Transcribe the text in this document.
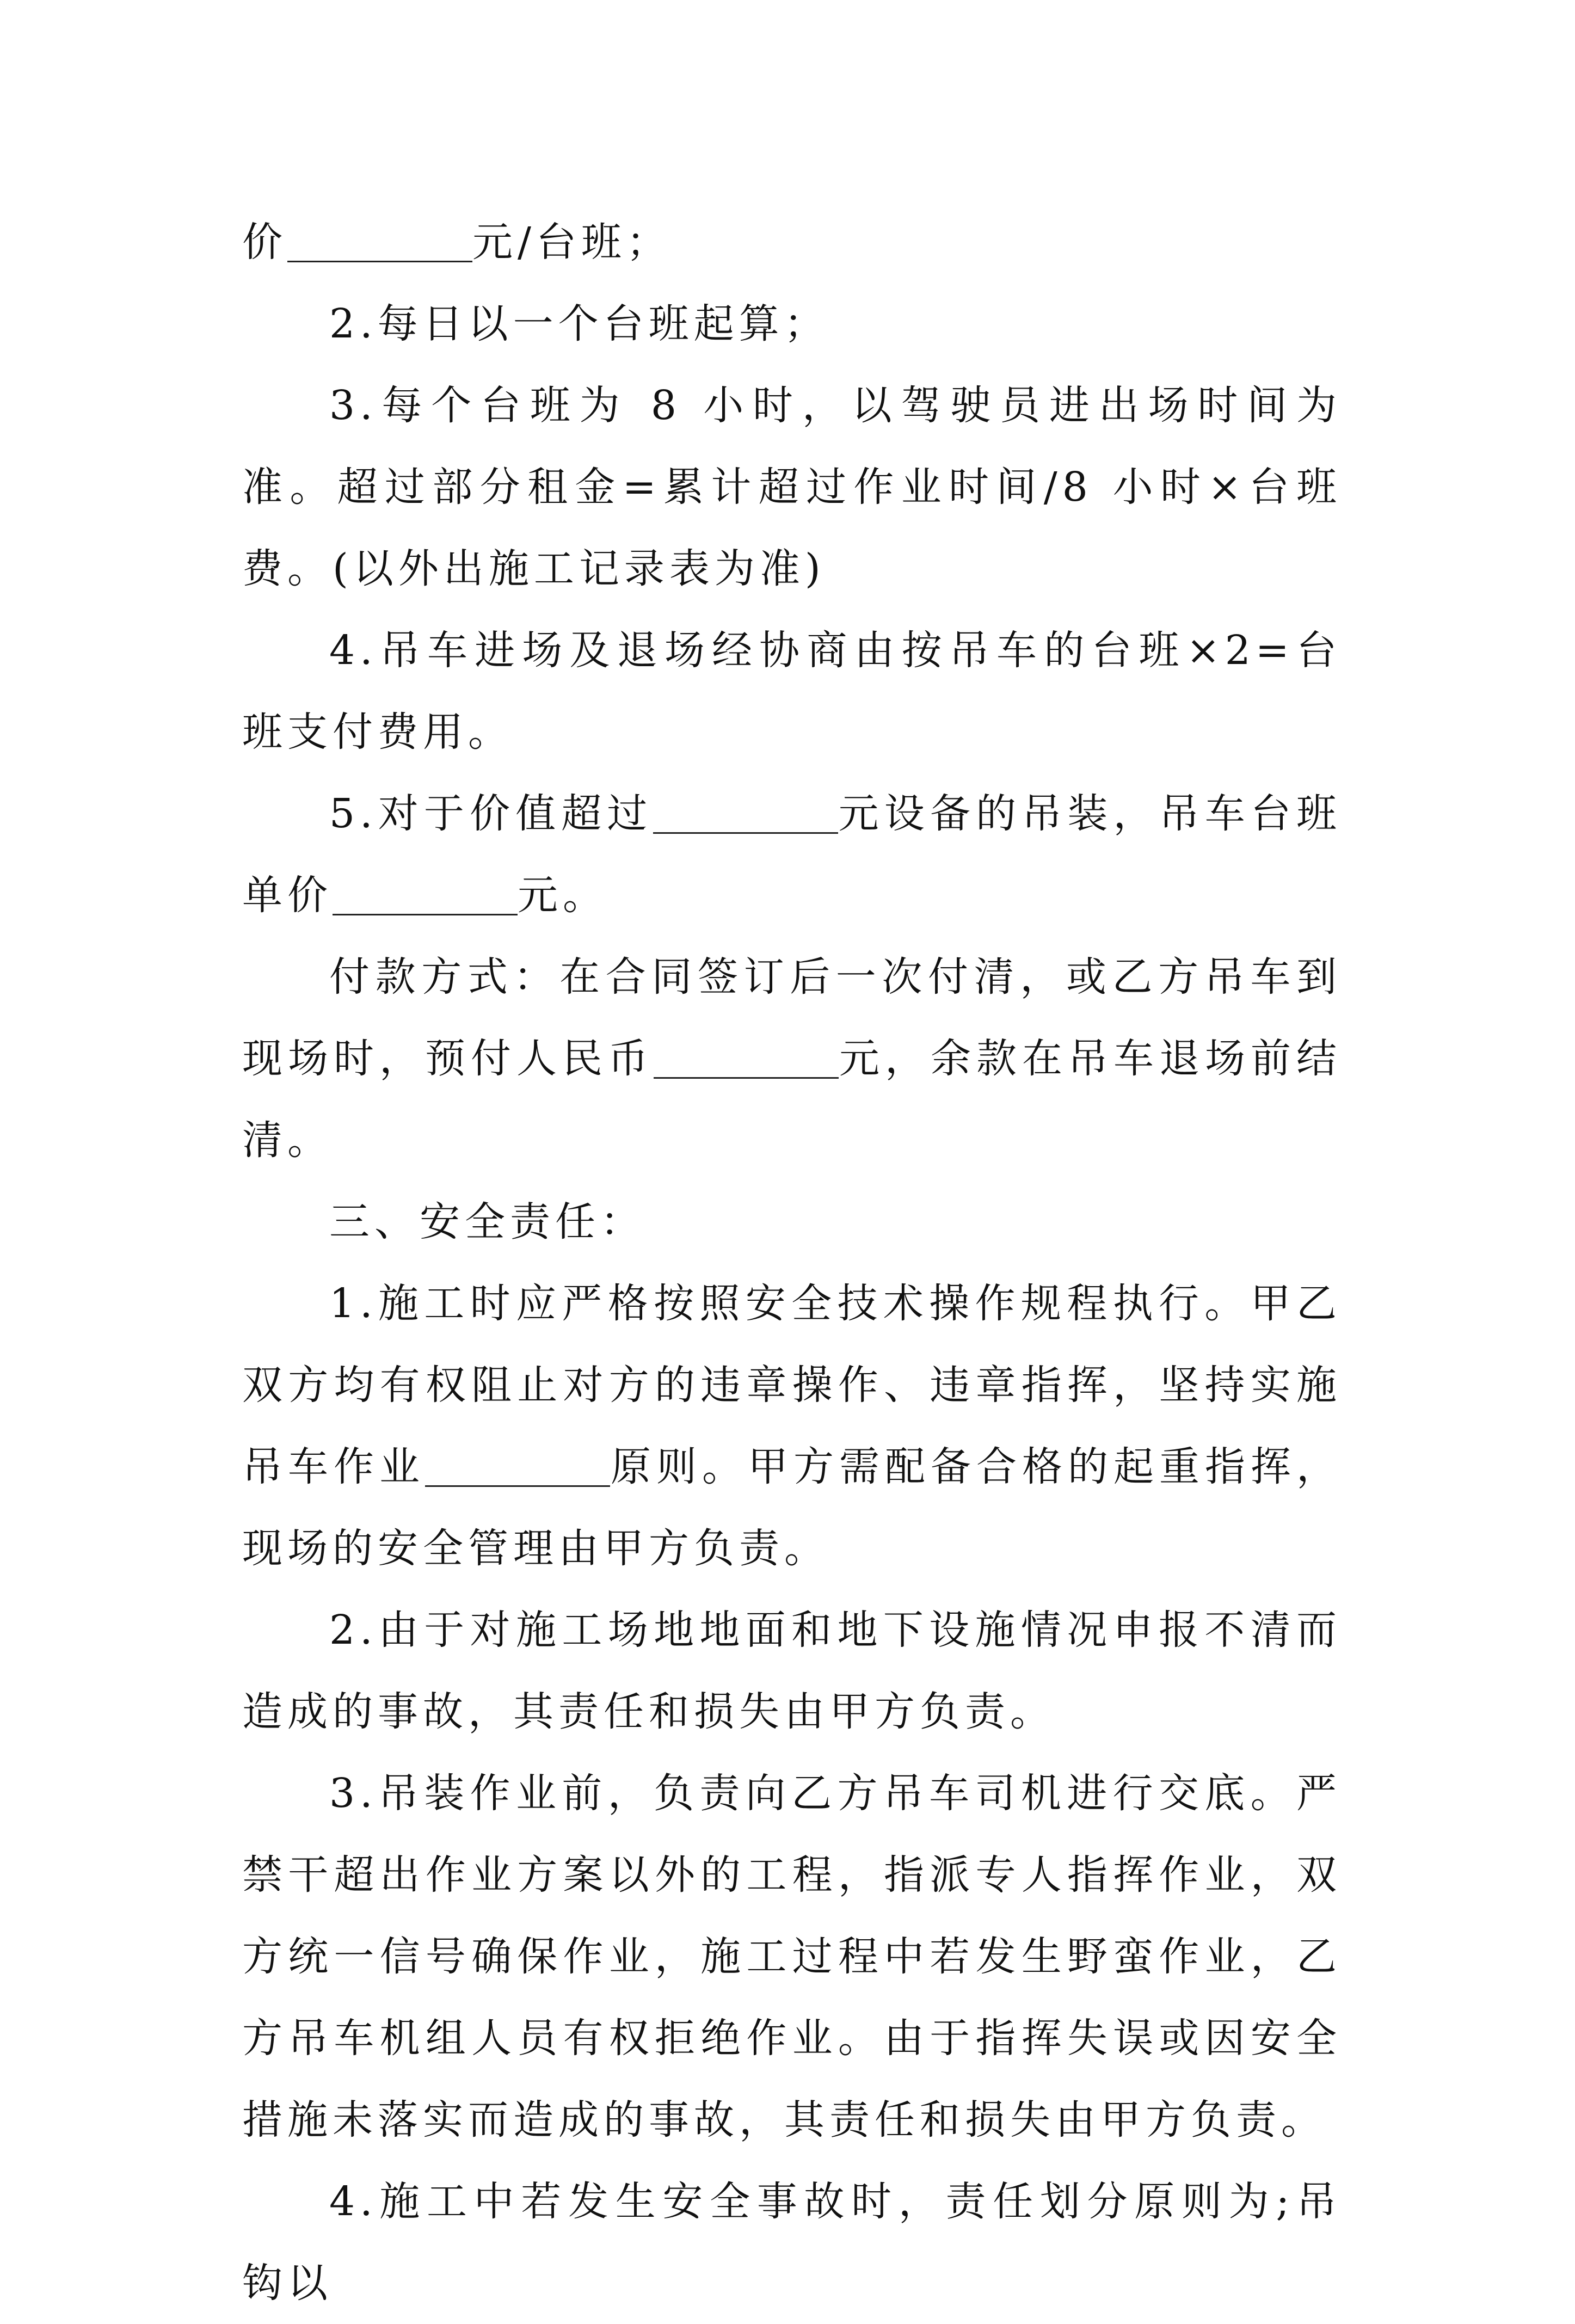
价	元/台班；

2.每日以一个台班起算；

3.每个台班为 8 小时，以驾驶员进出场时间为准。超过部分租金=累计超过作业时间/8 小时×台班费。(以外出施工记录表为准)

4.吊车进场及退场经协商由按吊车的台班×2=台班支付费用。

5.对于价值超过	元设备的吊装，吊车台班单价	元。

付款方式：在合同签订后一次付清，或乙方吊车到现场时，预付人民币	元，余款在吊车退场前结清。

三、安全责任：

1.施工时应严格按照安全技术操作规程执行。甲乙双方均有权阻止对方的违章操作、违章指挥，坚持实施吊车作业	原则。甲方需配备合格的起重指挥，现场的安全管理由甲方负责。

2.由于对施工场地地面和地下设施情况申报不清而造成的事故，其责任和损失由甲方负责。

3.吊装作业前，负责向乙方吊车司机进行交底。严禁干超出作业方案以外的工程，指派专人指挥作业，双方统一信号确保作业，施工过程中若发生野蛮作业，乙方吊车机组人员有权拒绝作业。由于指挥失误或因安全措施未落实而造成的事故，其责任和损失由甲方负责。

4.施工中若发生安全事故时，责任划分原则为;吊钩以
